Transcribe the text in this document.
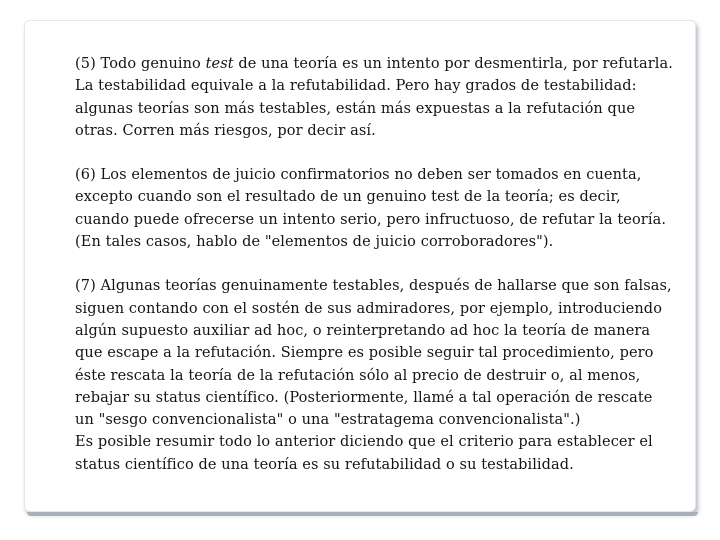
(5) Todo genuino test de una teoría es un intento por desmentirla, por refutarla. La testabilidad equivale a la refutabilidad. Pero hay grados de testabilidad: algunas teorías son más testables, están más expuestas a la refutación que otras. Corren más riesgos, por decir así.

(6) Los elementos de juicio confirmatorios no deben ser tomados en cuenta, excepto cuando son el resultado de un genuino test de la teoría; es decir, cuando puede ofrecerse un intento serio, pero infructuoso, de refutar la teoría. (En tales casos, hablo de "elementos de juicio corroboradores").

(7) Algunas teorías genuinamente testables, después de hallarse que son falsas, siguen contando con el sostén de sus admiradores, por ejemplo, introduciendo algún supuesto auxiliar ad hoc, o reinterpretando ad hoc la teoría de manera que escape a la refutación. Siempre es posible seguir tal procedimiento, pero éste rescata la teoría de la refutación sólo al precio de destruir o, al menos, rebajar su status científico. (Posteriormente, llamé a tal operación de rescate un "sesgo convencionalista" o una "estratagema convencionalista".)

Es posible resumir todo lo anterior diciendo que el criterio para establecer el status científico de una teoría es su refutabilidad o su testabilidad.
